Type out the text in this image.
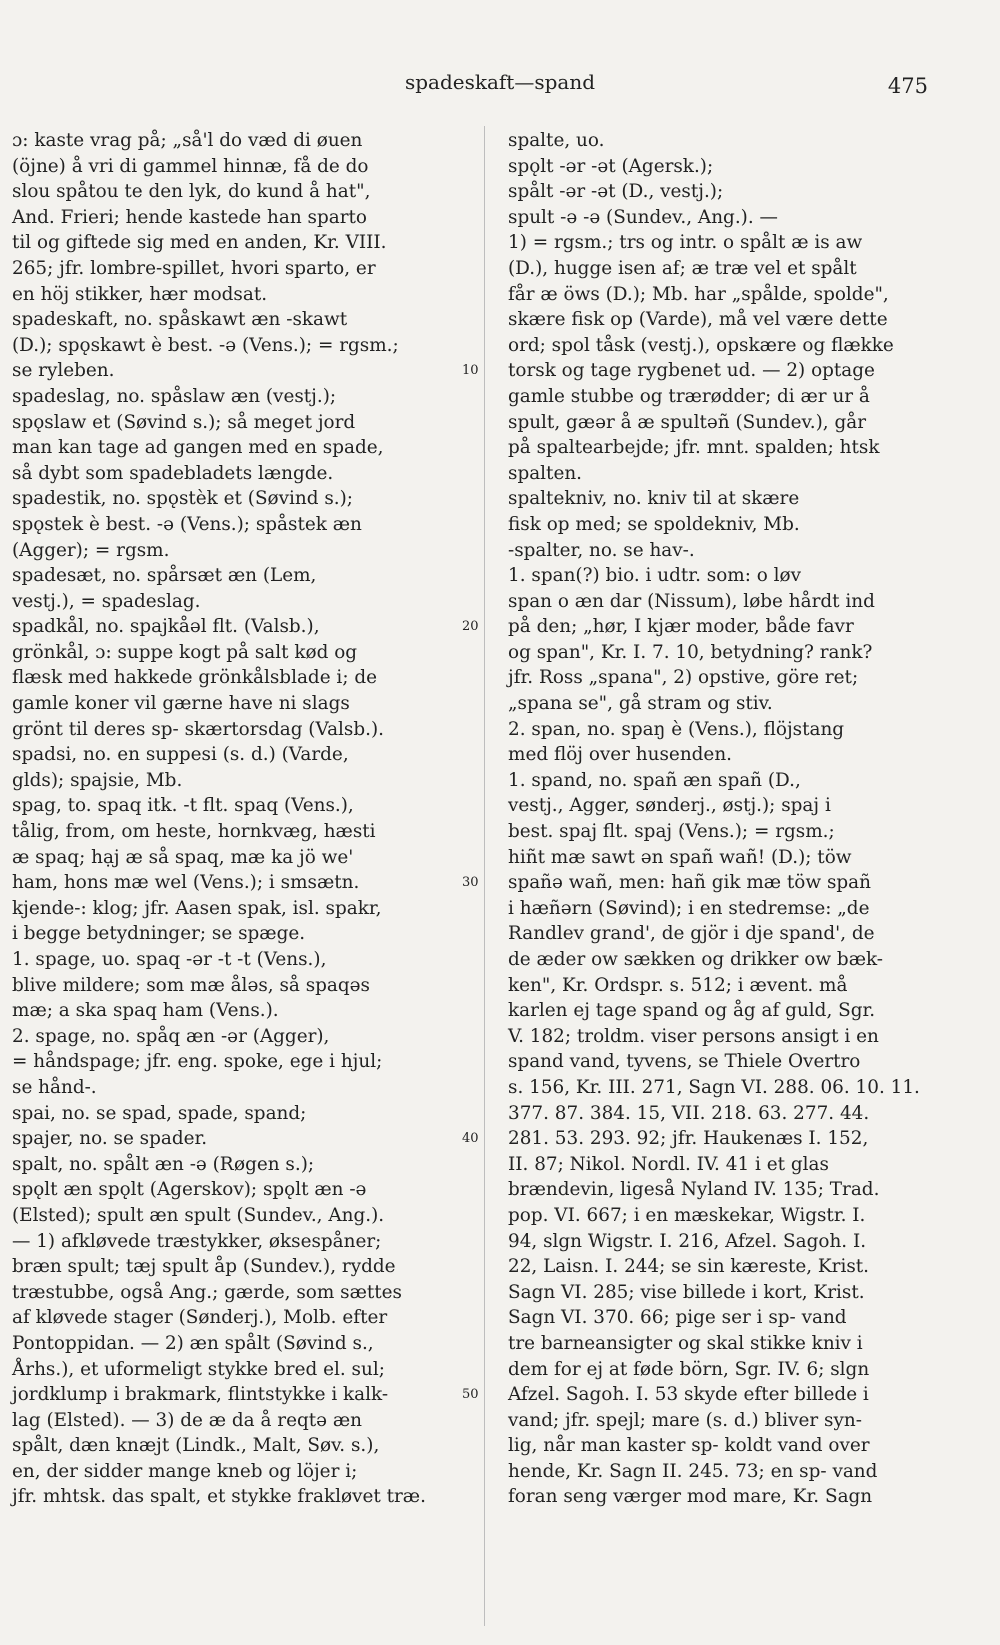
spadeskaft—spand	475
ɔ: kaste vrag på; „så'l do væd di øuen
(öjne) å vri di gammel hinnæ, få de do
slou spåtou te den lyk, do kund å hat",
And. Frieri; hende kastede han sparto
til og giftede sig med en anden, Kr. VIII.
265; jfr. lombre-spillet, hvori sparto, er
en höj stikker, hær modsat.
spadeskaft, no. spåskawt æn -skawt
(D.); spǫskawt è best. -ə (Vens.); = rgsm.;
se ryleben.
spadeslag, no. spåslaw æn (vestj.);
spǫslaw et (Søvind s.); så meget jord
man kan tage ad gangen med en spade,
så dybt som spadebladets længde.
spadestik, no. spǫstèk et (Søvind s.);
spǫstek è best. -ə (Vens.); spåstek æn
(Agger); = rgsm.
spadesæt, no. spårsæt æn (Lem,
vestj.), = spadeslag.
spadkål, no. spajkåəl flt. (Valsb.),
grönkål, ɔ: suppe kogt på salt kød og
flæsk med hakkede grönkålsblade i; de
gamle koner vil gærne have ni slags
grönt til deres sp- skærtorsdag (Valsb.).
spadsi, no. en suppesi (s. d.) (Varde,
glds); spajsie, Mb.
spag, to. spaq itk. -t flt. spaq (Vens.),
tålig, from, om heste, hornkvæg, hæsti
æ spaq; hạj æ så spaq, mæ ka jö we'
ham, hons mæ wel (Vens.); i smsætn.
kjende-: klog; jfr. Aasen spak, isl. spakr,
i begge betydninger; se spæge.
1. spage, uo. spaq -ər -t -t (Vens.),
blive mildere; som mæ åləs, så spaqəs
mæ; a ska spaq ham (Vens.).
2. spage, no. spåq æn -ər (Agger),
= håndspage; jfr. eng. spoke, ege i hjul;
se hånd-.
spai, no. se spad, spade, spand;
spajer, no. se spader.
spalt, no. spålt æn -ə (Røgen s.);
spǫlt æn spǫlt (Agerskov); spǫlt æn -ə
(Elsted); spult æn spult (Sundev., Ang.).
— 1) afkløvede træstykker, øksespåner;
bræn spult; tæj spult åp (Sundev.), rydde
træstubbe, også Ang.; gærde, som sættes
af kløvede stager (Sønderj.), Molb. efter
Pontoppidan. — 2) æn spålt (Søvind s.,
Århs.), et uformeligt stykke bred el. sul;
jordklump i brakmark, flintstykke i kalk-
lag (Elsted). — 3) de æ da å reqtə æn
spålt, dæn knæjt (Lindk., Malt, Søv. s.),
en, der sidder mange kneb og löjer i;
jfr. mhtsk. das spalt, et stykke frakløvet træ.
10
20
30
40
50
spalte, uo.
spǫlt -ər -ət (Agersk.);
spålt -ər -ət (D., vestj.);
spult -ə -ə (Sundev., Ang.). —
1) = rgsm.; trs og intr. o spålt æ is aw
(D.), hugge isen af; æ træ vel et spålt
får æ öws (D.); Mb. har „spålde, spolde",
skære fisk op (Varde), må vel være dette
ord; spol tåsk (vestj.), opskære og flække
torsk og tage rygbenet ud. — 2) optage
gamle stubbe og trærødder; di ær ur å
spult, gæər å æ spultəñ (Sundev.), går
på spaltearbejde; jfr. mnt. spalden; htsk
spalten.
spaltekniv, no. kniv til at skære
fisk op med; se spoldekniv, Mb.
-spalter, no. se hav-.
1. span(?) bio. i udtr. som: o løv
span o æn dar (Nissum), løbe hårdt ind
på den; „hør, I kjær moder, både favr
og span", Kr. I. 7. 10, betydning? rank?
jfr. Ross „spana", 2) opstive, göre ret;
„spana se", gå stram og stiv.
2. span, no. spaŋ è (Vens.), flöjstang
med flöj over husenden.
1. spand, no. spañ æn spañ (D.,
vestj., Agger, sønderj., østj.); spaj i
best. spaj flt. spaj (Vens.); = rgsm.;
hiñt mæ sawt ən spañ wañ! (D.); töw
spañə wañ, men: hañ gik mæ töw spañ
i hæñərn (Søvind); i en stedremse: „de
Randlev grand', de gjör i dje spand', de
de æder ow sækken og drikker ow bæk-
ken", Kr. Ordspr. s. 512; i ævent. må
karlen ej tage spand og åg af guld, Sgr.
V. 182; troldm. viser persons ansigt i en
spand vand, tyvens, se Thiele Overtro
s. 156, Kr. III. 271, Sagn VI. 288. 06. 10. 11.
377. 87. 384. 15, VII. 218. 63. 277. 44.
281. 53. 293. 92; jfr. Haukenæs I. 152,
II. 87; Nikol. Nordl. IV. 41 i et glas
brændevin, ligeså Nyland IV. 135; Trad.
pop. VI. 667; i en mæskekar, Wigstr. I.
94, slgn Wigstr. I. 216, Afzel. Sagoh. I.
22, Laisn. I. 244; se sin kæreste, Krist.
Sagn VI. 285; vise billede i kort, Krist.
Sagn VI. 370. 66; pige ser i sp- vand
tre barneansigter og skal stikke kniv i
dem for ej at føde börn, Sgr. IV. 6; slgn
Afzel. Sagoh. I. 53 skyde efter billede i
vand; jfr. spejl; mare (s. d.) bliver syn-
lig, når man kaster sp- koldt vand over
hende, Kr. Sagn II. 245. 73; en sp- vand
foran seng værger mod mare, Kr. Sagn
